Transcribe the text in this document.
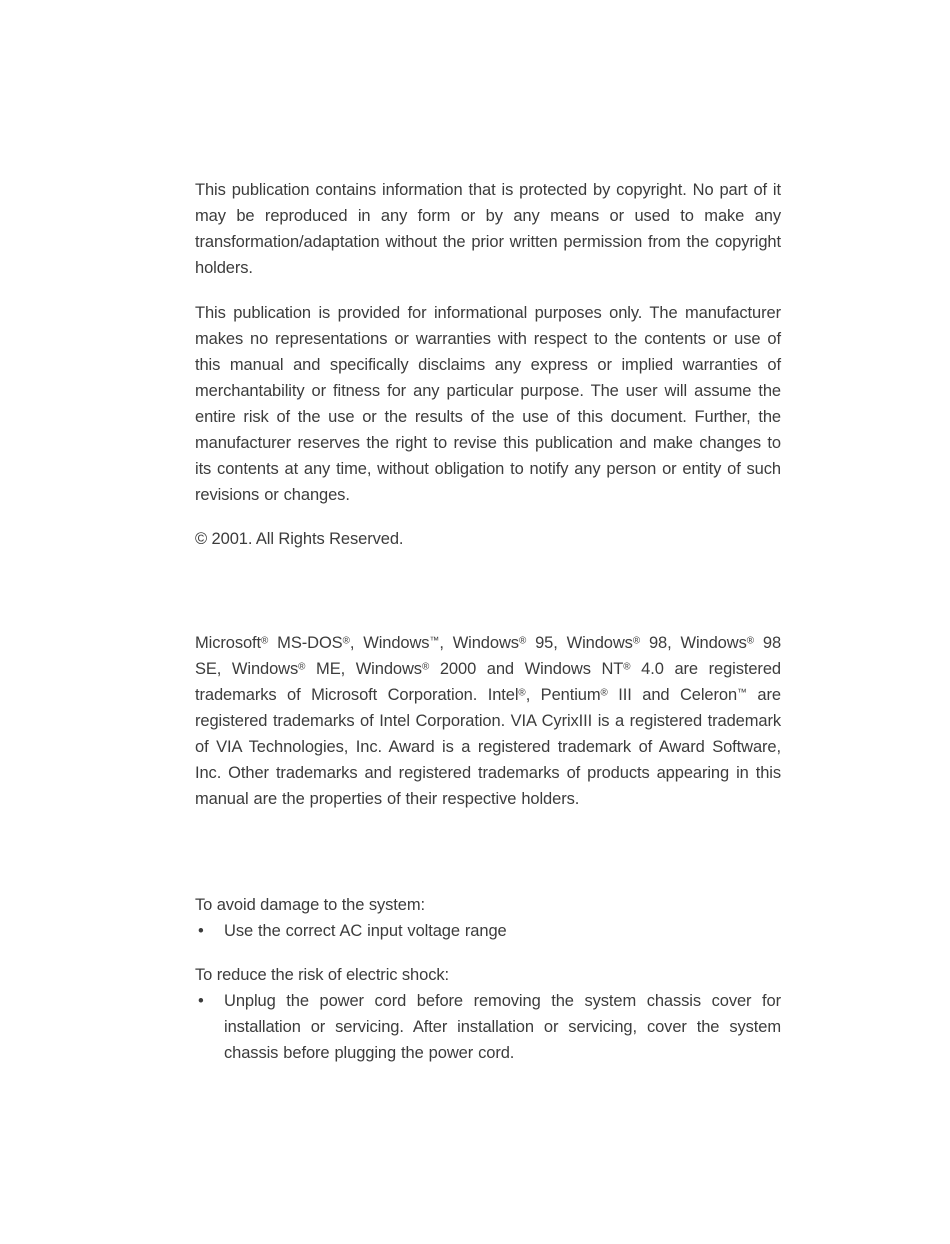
This publication contains information that is protected by copyright. No part of it may be reproduced in any form or by any means or used to make any transformation/adaptation without the prior written permission from the copyright holders.

This publication is provided for informational purposes only. The manufacturer makes no representations or warranties with respect to the contents or use of this manual and specifically disclaims any express or implied warranties of merchantability or fitness for any particular purpose. The user will assume the entire risk of the use or the results of the use of this document. Further, the manufacturer reserves the right to revise this publication and make changes to its contents at any time, without obligation to notify any person or entity of such revisions or changes.

© 2001. All Rights Reserved.

Microsoft® MS-DOS®, Windows™, Windows® 95, Windows® 98, Windows® 98 SE, Windows® ME, Windows® 2000 and Windows NT® 4.0 are registered trademarks of Microsoft Corporation. Intel®, Pentium® III and Celeron™ are registered trademarks of Intel Corporation. VIA CyrixIII is a registered trademark of VIA Technologies, Inc. Award is a registered trademark of Award Software, Inc. Other trademarks and registered trademarks of products appearing in this manual are the properties of their respective holders.

To avoid damage to the system:

• Use the correct AC input voltage range

To reduce the risk of electric shock:

• Unplug the power cord before removing the system chassis cover for installation or servicing. After installation or servicing, cover the system chassis before plugging the power cord.
